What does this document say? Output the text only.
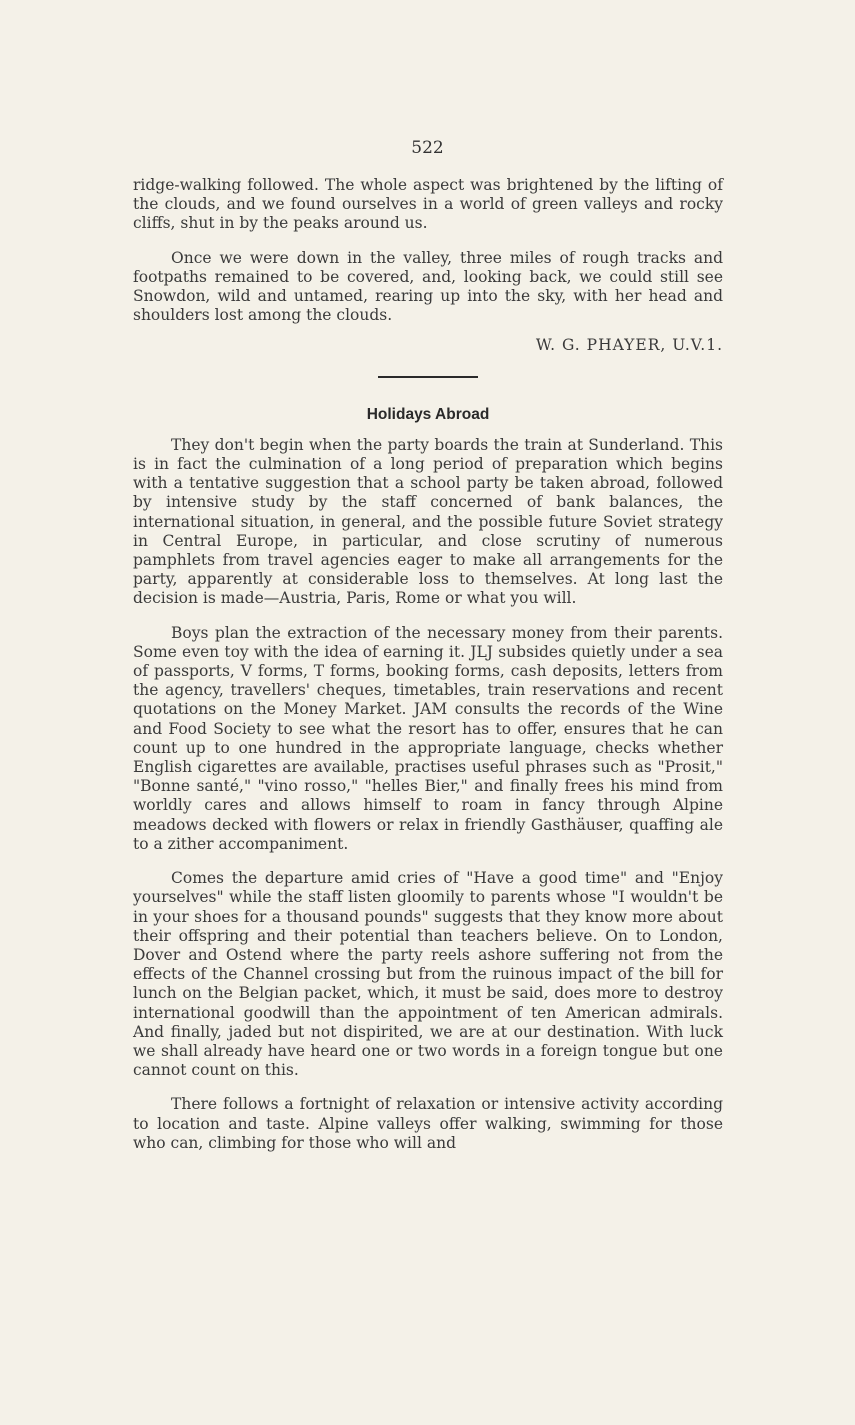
522

ridge-walking followed. The whole aspect was brightened by the lifting of the clouds, and we found ourselves in a world of green valleys and rocky cliffs, shut in by the peaks around us.

Once we were down in the valley, three miles of rough tracks and footpaths remained to be covered, and, looking back, we could still see Snowdon, wild and untamed, rearing up into the sky, with her head and shoulders lost among the clouds.

W. G. PHAYER, U.V.1.
Holidays Abroad

They don't begin when the party boards the train at Sunderland. This is in fact the culmination of a long period of preparation which begins with a tentative suggestion that a school party be taken abroad, followed by intensive study by the staff concerned of bank balances, the international situation, in general, and the possible future Soviet strategy in Central Europe, in particular, and close scrutiny of numerous pamphlets from travel agencies eager to make all arrangements for the party, apparently at considerable loss to themselves. At long last the decision is made—Austria, Paris, Rome or what you will.

Boys plan the extraction of the necessary money from their parents. Some even toy with the idea of earning it. JLJ subsides quietly under a sea of passports, V forms, T forms, booking forms, cash deposits, letters from the agency, travellers' cheques, timetables, train reservations and recent quotations on the Money Market. JAM consults the records of the Wine and Food Society to see what the resort has to offer, ensures that he can count up to one hundred in the appropriate language, checks whether English cigarettes are available, practises useful phrases such as "Prosit," "Bonne santé," "vino rosso," "helles Bier," and finally frees his mind from worldly cares and allows himself to roam in fancy through Alpine meadows decked with flowers or relax in friendly Gasthäuser, quaffing ale to a zither accompaniment.

Comes the departure amid cries of "Have a good time" and "Enjoy yourselves" while the staff listen gloomily to parents whose "I wouldn't be in your shoes for a thousand pounds" suggests that they know more about their offspring and their potential than teachers believe. On to London, Dover and Ostend where the party reels ashore suffering not from the effects of the Channel crossing but from the ruinous impact of the bill for lunch on the Belgian packet, which, it must be said, does more to destroy international goodwill than the appointment of ten American admirals. And finally, jaded but not dispirited, we are at our destination. With luck we shall already have heard one or two words in a foreign tongue but one cannot count on this.

There follows a fortnight of relaxation or intensive activity according to location and taste. Alpine valleys offer walking, swimming for those who can, climbing for those who will and
